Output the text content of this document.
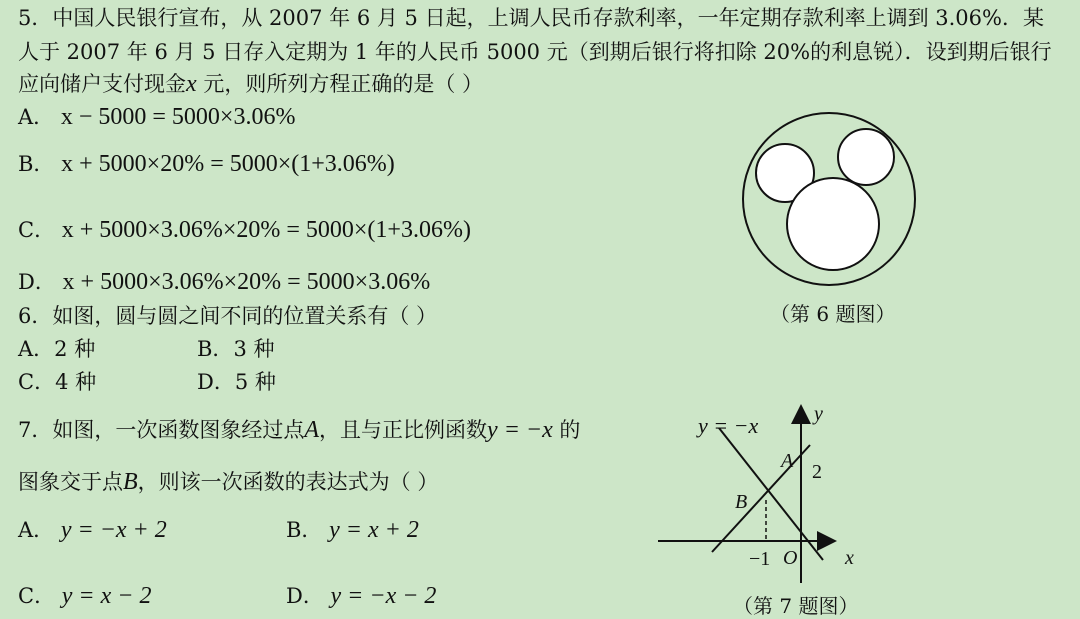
5．中国人民银行宣布，从 2007 年 6 月 5 日起，上调人民币存款利率，一年定期存款利率上调到 3.06%．某
人于 2007 年 6 月 5 日存入定期为 1 年的人民币 5000 元（到期后银行将扣除 20%的利息锐）．设到期后银行
应向储户支付现金x 元，则所列方程正确的是（ ）
A． x − 5000 = 5000×3.06%
B． x + 5000×20% = 5000×(1+3.06%)
C． x + 5000×3.06%×20% = 5000×(1+3.06%)
D． x + 5000×3.06%×20% = 5000×3.06%
（第 6 题图）
6．如图，圆与圆之间不同的位置关系有（ ）
A．2 种	B．3 种
C．4 种	D．5 种
7．如图，一次函数图象经过点A，且与正比例函数y = −x 的
图象交于点B，则该一次函数的表达式为（ ）
A． y = −x + 2	B． y = x + 2
C． y = x − 2	D． y = −x − 2
y = −x	y
x
A
B
2
−1 O
（第 7 题图）
